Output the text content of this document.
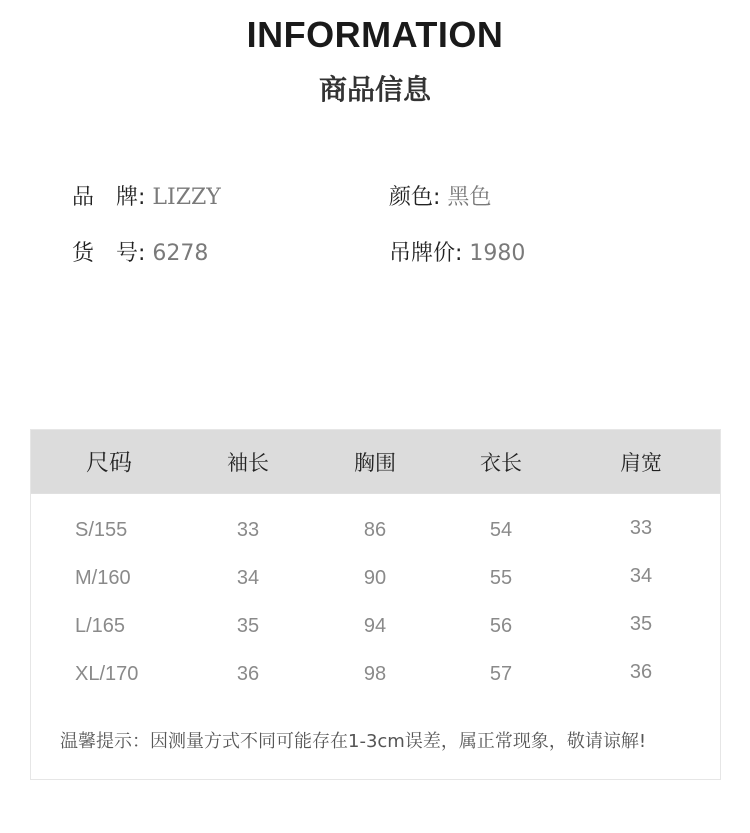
INFORMATION
商品信息
品　牌: LIZZY	颜色: 黑色
货　号: 6278	吊牌价: 1980
尺码	袖长	胸围	衣长	肩宽
S/155	33	86	54	33
M/160	34	90	55	34
L/165	35	94	56	35
XL/170	36	98	57	36
温馨提示：因测量方式不同可能存在1-3cm误差，属正常现象，敬请谅解!
